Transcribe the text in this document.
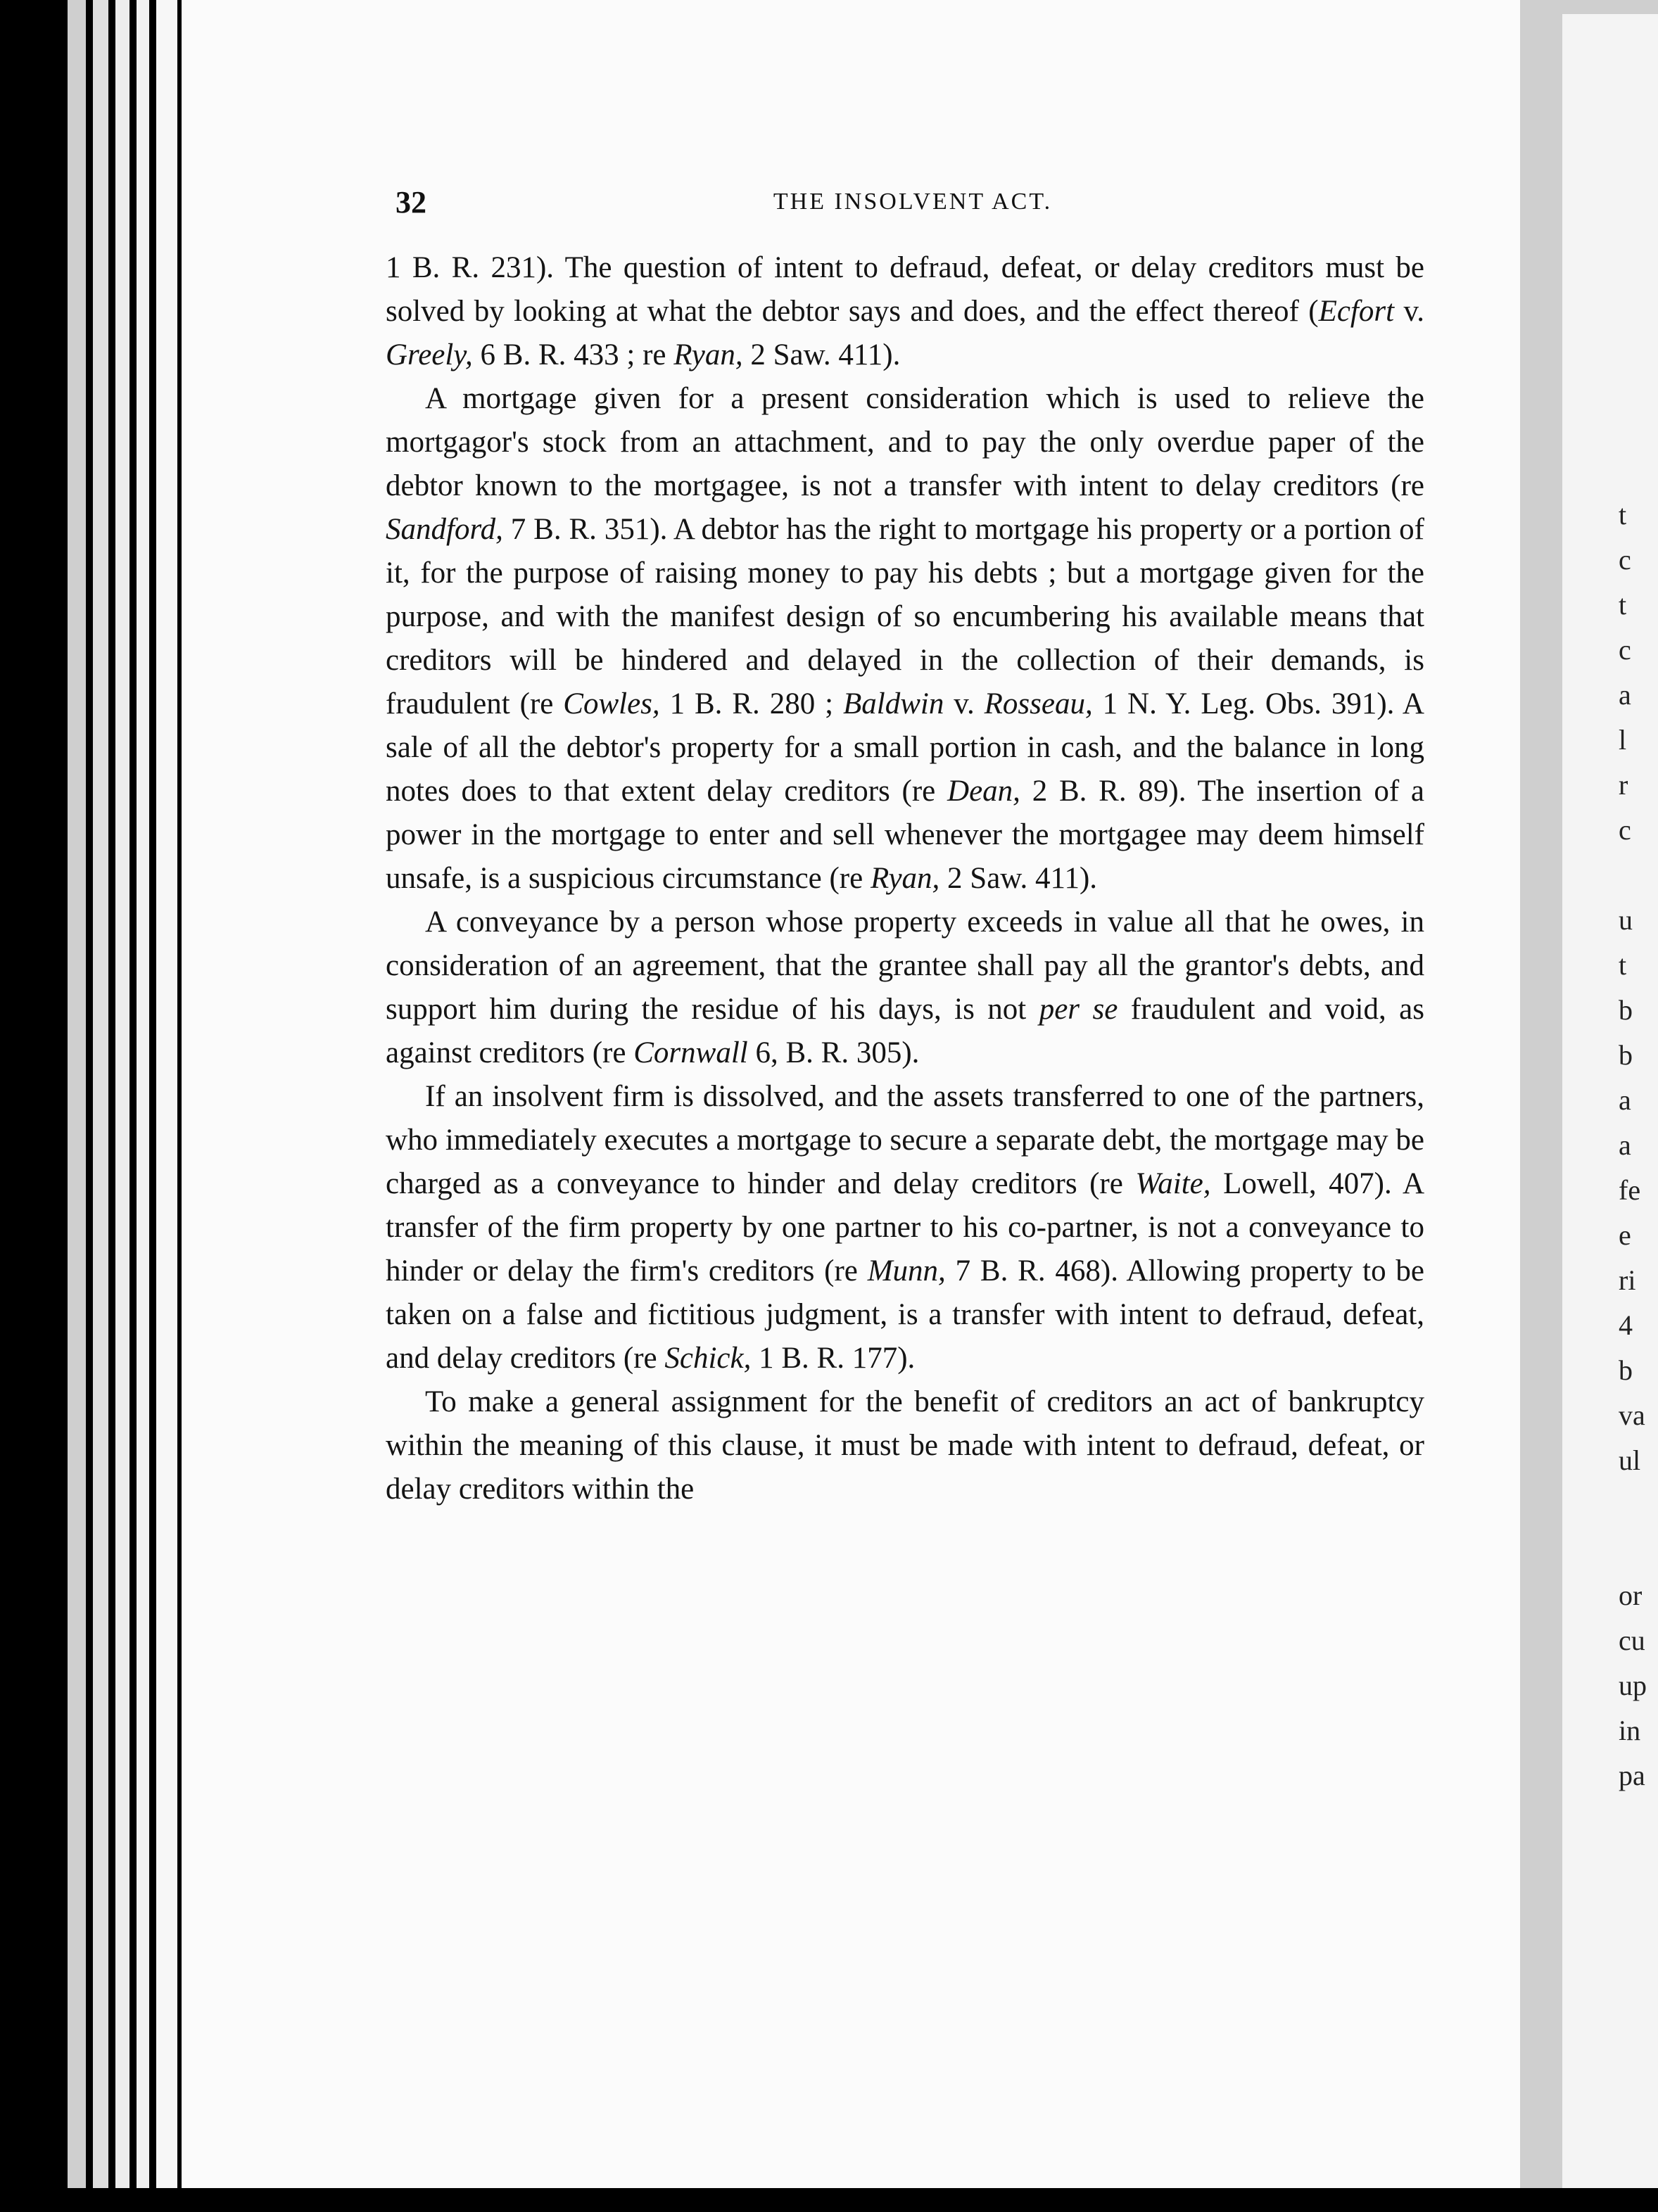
32	THE INSOLVENT ACT.

1 B. R. 231). The question of intent to defraud, defeat, or delay creditors must be solved by looking at what the debtor says and does, and the effect thereof (Ecfort v. Greely, 6 B. R. 433 ; re Ryan, 2 Saw. 411).

A mortgage given for a present consideration which is used to relieve the mortgagor's stock from an attachment, and to pay the only overdue paper of the debtor known to the mortgagee, is not a transfer with intent to delay creditors (re Sandford, 7 B. R. 351). A debtor has the right to mortgage his property or a portion of it, for the purpose of raising money to pay his debts ; but a mortgage given for the purpose, and with the manifest design of so encumbering his available means that creditors will be hindered and delayed in the collection of their demands, is fraudulent (re Cowles, 1 B. R. 280 ; Baldwin v. Rosseau, 1 N. Y. Leg. Obs. 391). A sale of all the debtor's property for a small portion in cash, and the balance in long notes does to that extent delay creditors (re Dean, 2 B. R. 89). The insertion of a power in the mortgage to enter and sell whenever the mortgagee may deem himself unsafe, is a suspicious circumstance (re Ryan, 2 Saw. 411).

A conveyance by a person whose property exceeds in value all that he owes, in consideration of an agreement, that the grantee shall pay all the grantor's debts, and support him during the residue of his days, is not per se fraudulent and void, as against creditors (re Cornwall 6, B. R. 305).

If an insolvent firm is dissolved, and the assets transferred to one of the partners, who immediately executes a mortgage to secure a separate debt, the mortgage may be charged as a conveyance to hinder and delay creditors (re Waite, Lowell, 407). A transfer of the firm property by one partner to his co-partner, is not a conveyance to hinder or delay the firm's creditors (re Munn, 7 B. R. 468). Allowing property to be taken on a false and fictitious judgment, is a transfer with intent to defraud, defeat, and delay creditors (re Schick, 1 B. R. 177).

To make a general assignment for the benefit of creditors an act of bankruptcy within the meaning of this clause, it must be made with intent to defraud, defeat, or delay creditors within the

t
c
t
c
a
l
r
c

u
t
b
b
a
a
fe
e
ri
4
b
va
ul

or
cu
up
in
pa
